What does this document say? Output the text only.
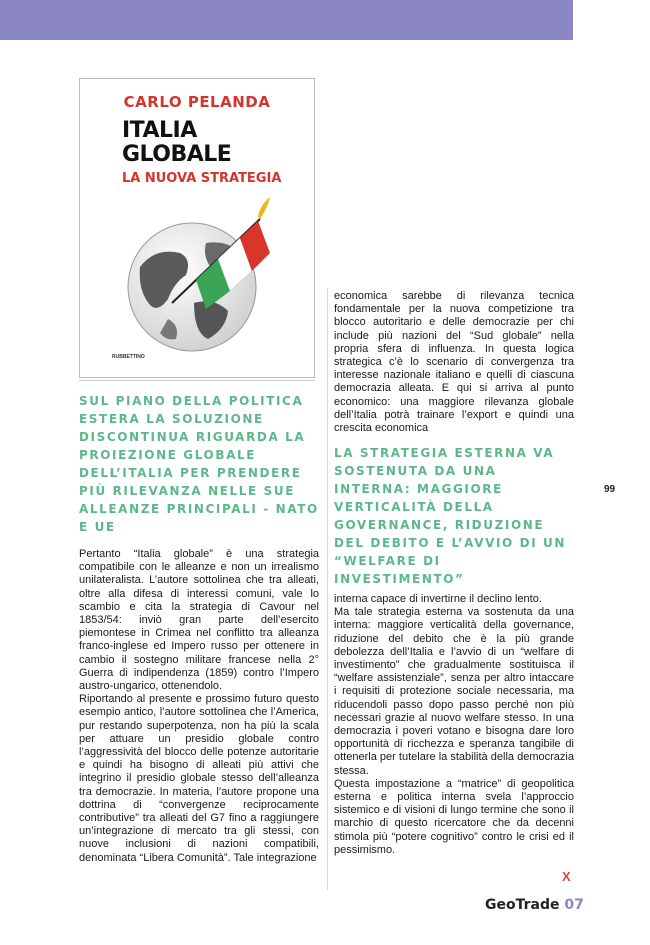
CARLO PELANDA
ITALIA
GLOBALE
LA NUOVA STRATEGIA
RUBBETTINO
SUL PIANO DELLA POLITICA ESTERA LA SOLUZIONE DISCONTINUA RIGUARDA LA PROIEZIONE GLOBALE DELL’ITALIA PER PRENDERE PIÙ RILEVANZA NELLE SUE ALLEANZE PRINCIPALI - NATO E UE
LA STRATEGIA ESTERNA VA SOSTENUTA DA UNA INTERNA: MAGGIORE VERTICALITÀ DELLA GOVERNANCE, RIDUZIONE DEL DEBITO E L’AVVIO DI UN “WELFARE DI INVESTIMENTO”

Pertanto “Italia globale” è una strategia compatibile con le alleanze e non un irrealismo unilateralista. L’autore sottolinea che tra alleati, oltre alla difesa di interessi comuni, vale lo scambio e cita la strategia di Cavour nel 1853/54: inviò gran parte dell’esercito piemontese in Crimea nel conflitto tra alleanza franco-inglese ed Impero russo per ottenere in cambio il sostegno militare francese nella 2° Guerra di indipendenza (1859) contro l’Impero austro-ungarico, ottenendolo.

Riportando al presente e prossimo futuro questo esempio antico, l’autore sottolinea che l’America, pur restando superpotenza, non ha più la scala per attuare un presidio globale contro l’aggressività del blocco delle potenze autoritarie e quindi ha bisogno di alleati più attivi che integrino il presidio globale stesso dell’alleanza tra democrazie. In materia, l’autore propone una dottrina di “convergenze reciprocamente contributive” tra alleati del G7 fino a raggiungere un’integrazione di mercato tra gli stessi, con nuove inclusioni di nazioni compatibili, denominata “Libera Comunità”. Tale integrazione

economica sarebbe di rilevanza tecnica fondamentale per la nuova competizione tra blocco autoritario e delle democrazie per chi include più nazioni del “Sud globale” nella propria sfera di influenza. In questa logica strategica c’è lo scenario di convergenza tra interesse nazionale italiano e quelli di ciascuna democrazia alleata. E qui si arriva al punto economico: una maggiore rilevanza globale dell’Italia potrà trainare l’export e quindi una crescita economica

interna capace di invertirne il declino lento.

Ma tale strategia esterna va sostenuta da una interna: maggiore verticalità della governance, riduzione del debito che è la più grande debolezza dell’Italia e l’avvio di un “welfare di investimento” che gradualmente sostituisca il “welfare assistenziale”, senza per altro intaccare i requisiti di protezione sociale necessaria, ma riducendoli passo dopo passo perché non più necessari grazie al nuovo welfare stesso. In una democrazia i poveri votano e bisogna dare loro opportunità di ricchezza e speranza tangibile di ottenerla per tutelare la stabilità della democrazia stessa.

Questa impostazione a “matrice” di geopolitica esterna e politica interna svela l’approccio sistemico e di visioni di lungo termine che sono il marchio di questo ricercatore che da decenni stimola più “potere cognitivo” contro le crisi ed il pessimismo.

99
X
GeoTrade 07
